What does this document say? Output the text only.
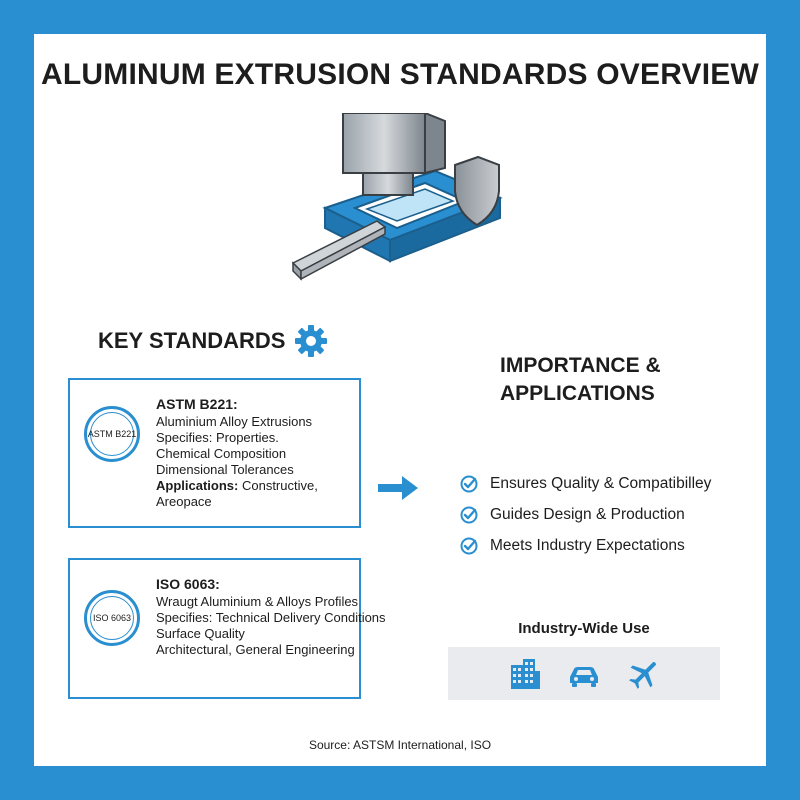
ALUMINUM EXTRUSION STANDARDS OVERVIEW
KEY STANDARDS
ASTM B221
ASTM B221:
Aluminium Alloy Extrusions
Specifies: Properties.
Chemical Composition
Dimensional Tolerances
Applications: Constructive,
Areopace
ISO 6063
ISO 6063:
Wraugt Aluminium & Alloys Profiles
Specifies: Technical Delivery Conditions
Surface Quality
Architectural, General Engineering
IMPORTANCE &
APPLICATIONS
Ensures Quality & Compatibilley
Guides Design & Production
Meets Industry Expectations
Industry-Wide Use
Source: ASTSM International, ISO
